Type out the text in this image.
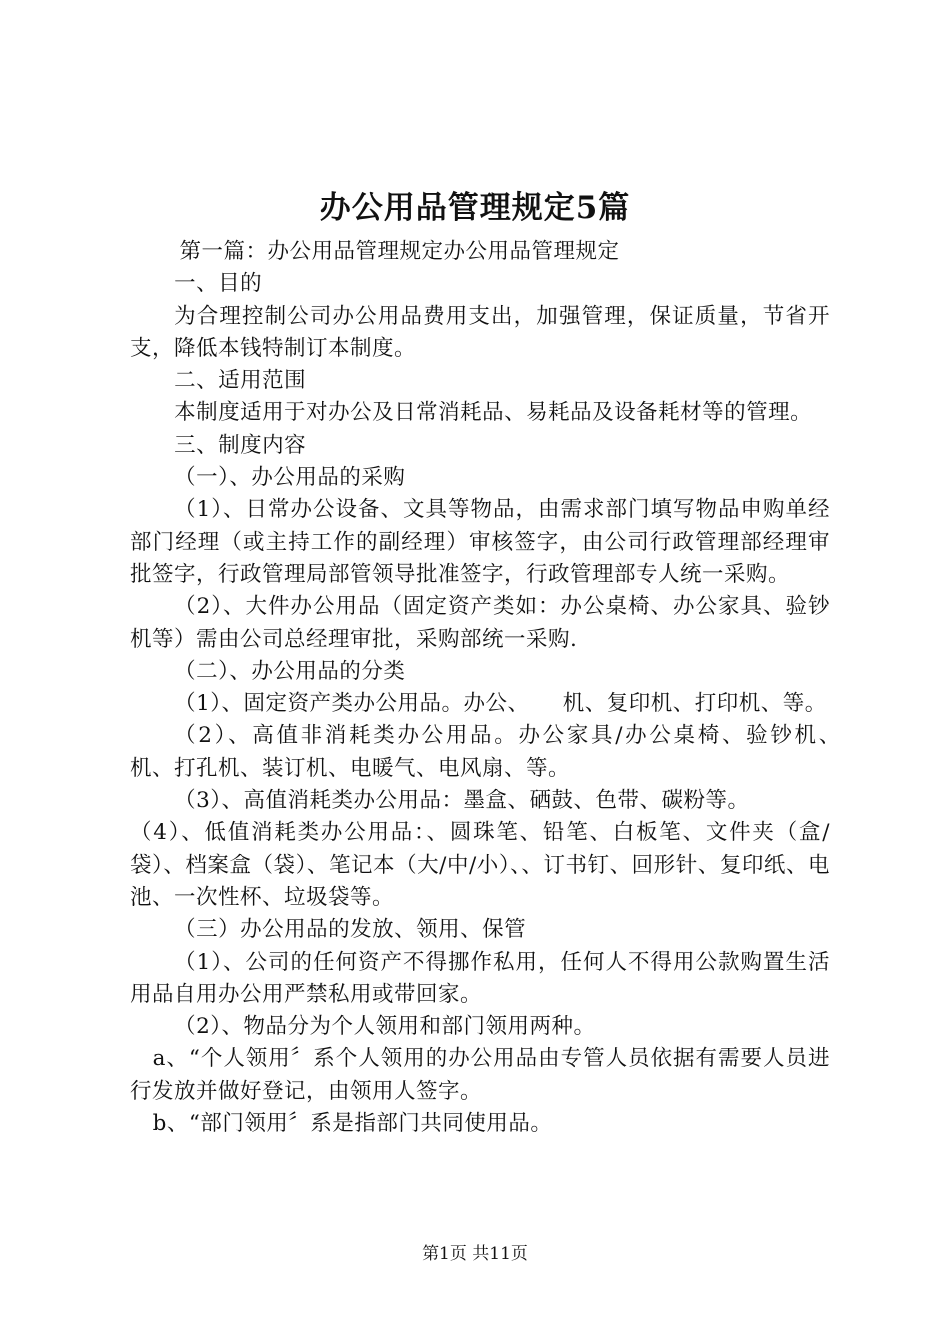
办公用品管理规定5篇

第一篇：办公用品管理规定办公用品管理规定

一、目的

为合理控制公司办公用品费用支出，加强管理，保证质量，节省开支，降低本钱特制订本制度。

二、适用范围

本制度适用于对办公及日常消耗品、易耗品及设备耗材等的管理。

三、制度内容

（一）、办公用品的采购

（1）、日常办公设备、文具等物品，由需求部门填写物品申购单经部门经理（或主持工作的副经理）审核签字，由公司行政管理部经理审批签字，行政管理局部管领导批准签字，行政管理部专人统一采购。

（2）、大件办公用品（固定资产类如：办公桌椅、办公家具、验钞机等）需由公司总经理审批，采购部统一采购.

（二）、办公用品的分类

（1）、固定资产类办公用品。办公、　　机、复印机、打印机、等。

（2）、高值非消耗类办公用品。办公家具/办公桌椅、验钞机、　　机、打孔机、装订机、电暖气、电风扇、等。

（3）、高值消耗类办公用品：墨盒、硒鼓、色带、碳粉等。

（4）、低值消耗类办公用品：、圆珠笔、铅笔、白板笔、文件夹（盒/袋）、档案盒（袋）、笔记本（大/中/小）、、订书钉、回形针、复印纸、电池、一次性杯、垃圾袋等。

（三）办公用品的发放、领用、保管

（1）、公司的任何资产不得挪作私用，任何人不得用公款购置生活用品自用办公用严禁私用或带回家。

（2）、物品分为个人领用和部门领用两种。

a、“个人领用〞系个人领用的办公用品由专管人员依据有需要人员进行发放并做好登记，由领用人签字。

b、“部门领用〞系是指部门共同使用品。

第1页 共11页
